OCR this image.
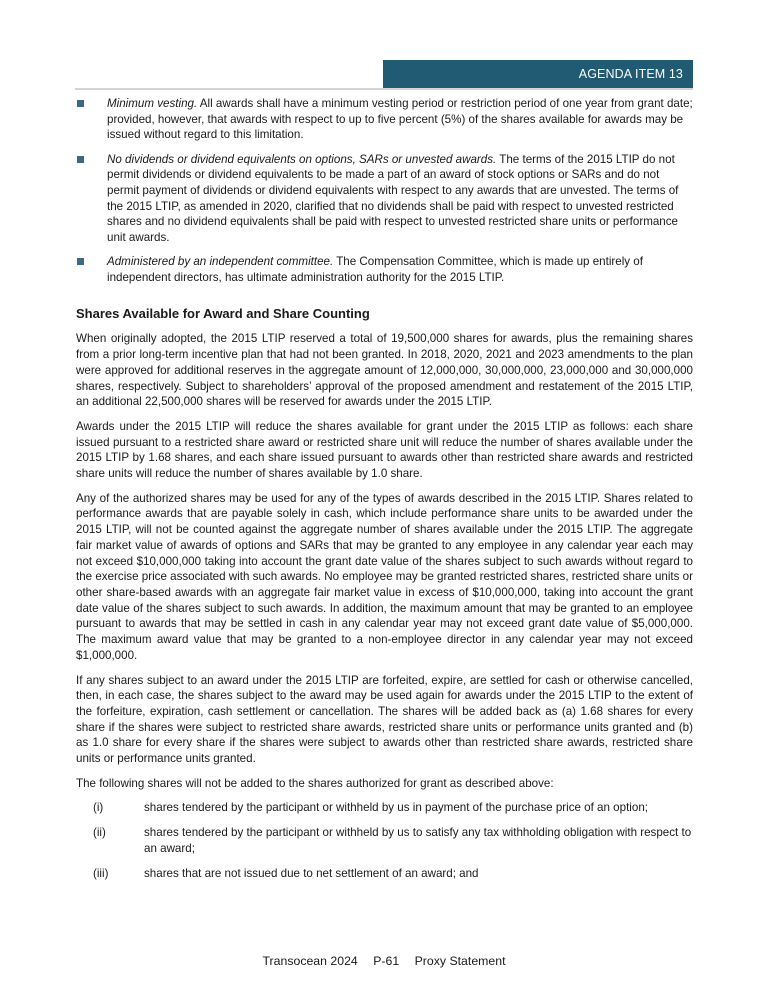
AGENDA ITEM 13
Minimum vesting. All awards shall have a minimum vesting period or restriction period of one year from grant date; provided, however, that awards with respect to up to five percent (5%) of the shares available for awards may be issued without regard to this limitation.
No dividends or dividend equivalents on options, SARs or unvested awards. The terms of the 2015 LTIP do not permit dividends or dividend equivalents to be made a part of an award of stock options or SARs and do not permit payment of dividends or dividend equivalents with respect to any awards that are unvested. The terms of the 2015 LTIP, as amended in 2020, clarified that no dividends shall be paid with respect to unvested restricted shares and no dividend equivalents shall be paid with respect to unvested restricted share units or performance unit awards.
Administered by an independent committee. The Compensation Committee, which is made up entirely of independent directors, has ultimate administration authority for the 2015 LTIP.
Shares Available for Award and Share Counting

When originally adopted, the 2015 LTIP reserved a total of 19,500,000 shares for awards, plus the remaining shares from a prior long-term incentive plan that had not been granted. In 2018, 2020, 2021 and 2023 amendments to the plan were approved for additional reserves in the aggregate amount of 12,000,000, 30,000,000, 23,000,000 and 30,000,000 shares, respectively. Subject to shareholders’ approval of the proposed amendment and restatement of the 2015 LTIP, an additional 22,500,000 shares will be reserved for awards under the 2015 LTIP.

Awards under the 2015 LTIP will reduce the shares available for grant under the 2015 LTIP as follows: each share issued pursuant to a restricted share award or restricted share unit will reduce the number of shares available under the 2015 LTIP by 1.68 shares, and each share issued pursuant to awards other than restricted share awards and restricted share units will reduce the number of shares available by 1.0 share.

Any of the authorized shares may be used for any of the types of awards described in the 2015 LTIP. Shares related to performance awards that are payable solely in cash, which include performance share units to be awarded under the 2015 LTIP, will not be counted against the aggregate number of shares available under the 2015 LTIP. The aggregate fair market value of awards of options and SARs that may be granted to any employee in any calendar year each may not exceed $10,000,000 taking into account the grant date value of the shares subject to such awards without regard to the exercise price associated with such awards. No employee may be granted restricted shares, restricted share units or other share-based awards with an aggregate fair market value in excess of $10,000,000, taking into account the grant date value of the shares subject to such awards. In addition, the maximum amount that may be granted to an employee pursuant to awards that may be settled in cash in any calendar year may not exceed grant date value of $5,000,000. The maximum award value that may be granted to a non-employee director in any calendar year may not exceed $1,000,000.

If any shares subject to an award under the 2015 LTIP are forfeited, expire, are settled for cash or otherwise cancelled, then, in each case, the shares subject to the award may be used again for awards under the 2015 LTIP to the extent of the forfeiture, expiration, cash settlement or cancellation. The shares will be added back as (a) 1.68 shares for every share if the shares were subject to restricted share awards, restricted share units or performance units granted and (b) as 1.0 share for every share if the shares were subject to awards other than restricted share awards, restricted share units or performance units granted.

The following shares will not be added to the shares authorized for grant as described above:

(i)	shares tendered by the participant or withheld by us in payment of the purchase price of an option;
(ii)	shares tendered by the participant or withheld by us to satisfy any tax withholding obligation with respect to an award;
(iii)	shares that are not issued due to net settlement of an award; and
Transocean 2024 P-61 Proxy Statement
